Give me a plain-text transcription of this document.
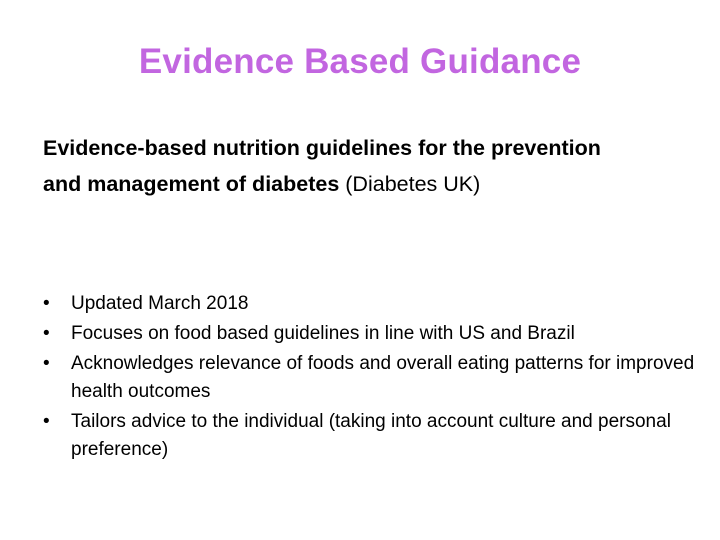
Evidence Based Guidance
Evidence-based nutrition guidelines for the prevention and management of diabetes (Diabetes UK)
• Updated March 2018
• Focuses on food based guidelines in line with US and Brazil
• Acknowledges relevance of foods and overall eating patterns for improved health outcomes
• Tailors advice to the individual (taking into account culture and personal preference)
